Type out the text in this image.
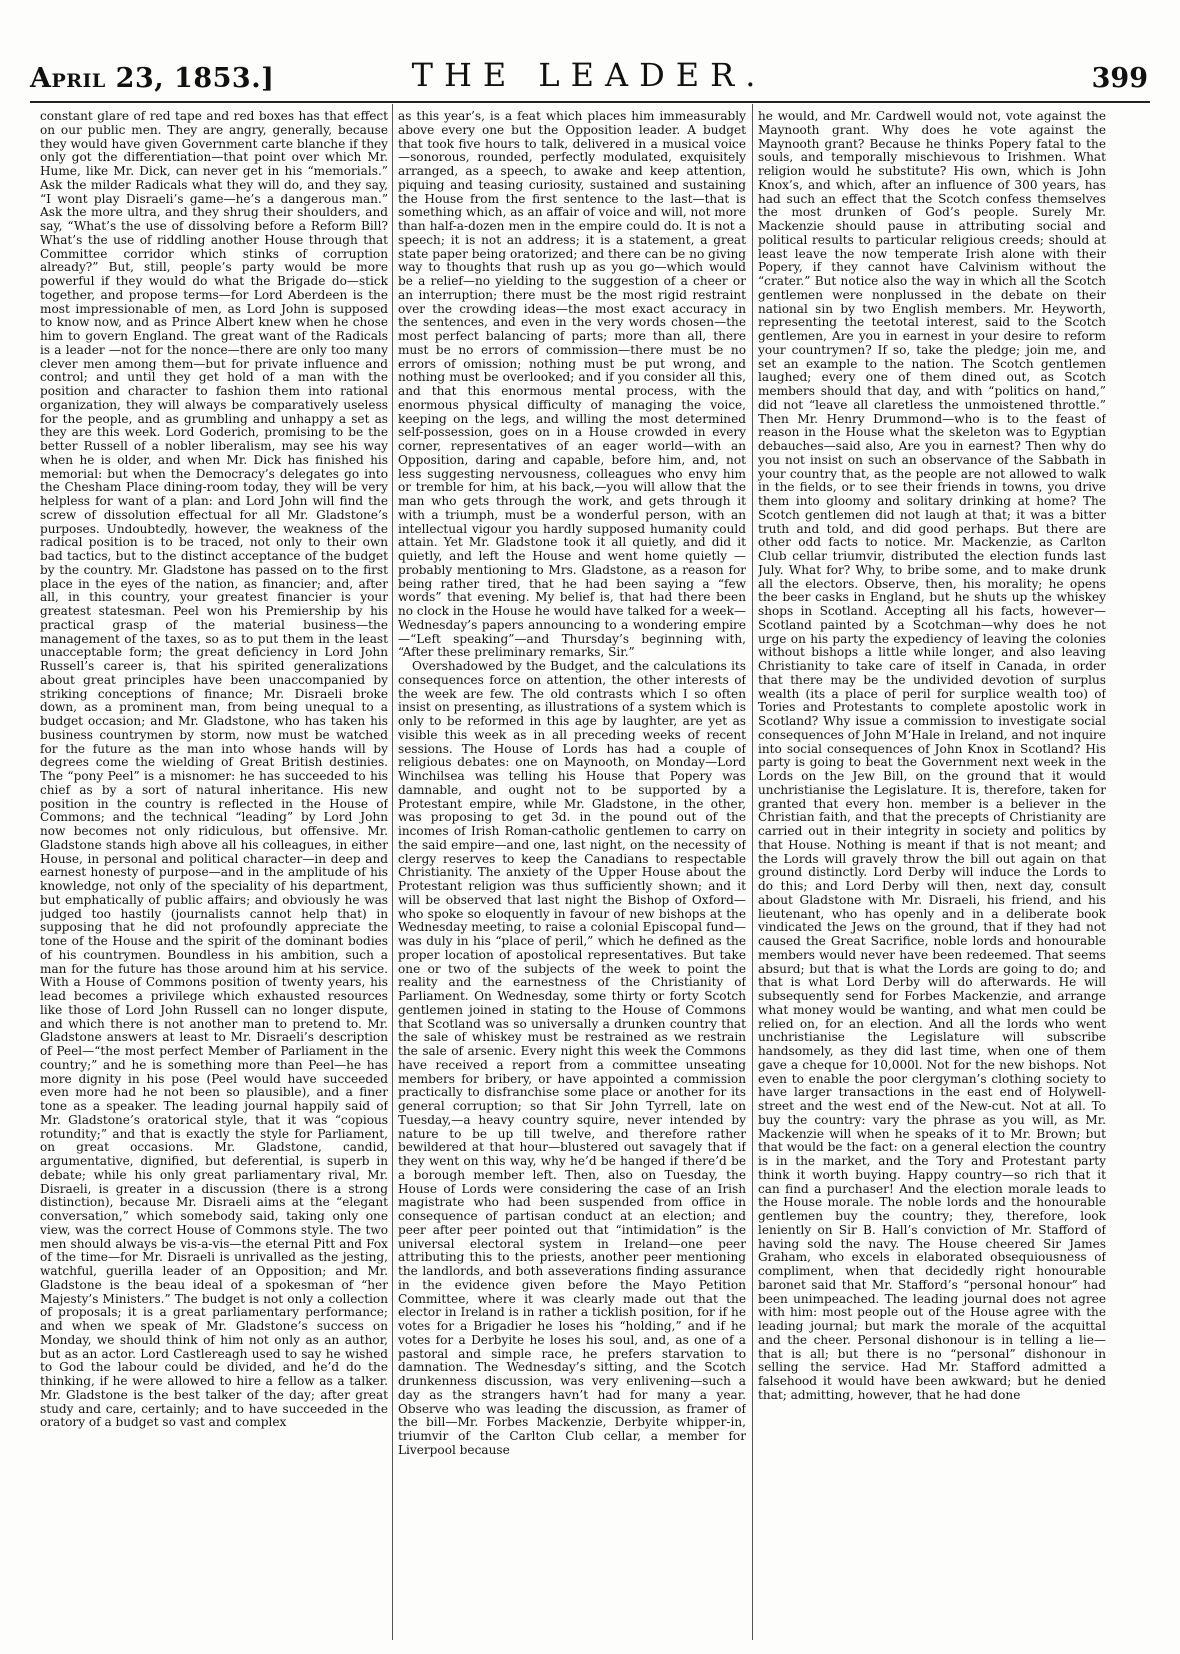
April 23, 1853.]	THE LEADER.	399

constant glare of red tape and red boxes has that effect on our public men. They are angry, generally, because they would have given Government carte blanche if they only got the differentiation—that point over which Mr. Hume, like Mr. Dick, can never get in his “memorials.” Ask the milder Radicals what they will do, and they say, “I wont play Disraeli’s game—he’s a dangerous man.” Ask the more ultra, and they shrug their shoulders, and say, “What’s the use of dissolving before a Reform Bill? What’s the use of riddling another House through that Committee corridor which stinks of corruption already?” But, still, people’s party would be more powerful if they would do what the Brigade do—stick together, and propose terms—for Lord Aberdeen is the most impressionable of men, as Lord John is supposed to know now, and as Prince Albert knew when he chose him to govern England. The great want of the Radicals is a leader —not for the nonce—there are only too many clever men among them—but for private influence and control; and until they get hold of a man with the position and character to fashion them into rational organization, they will always be comparatively useless for the people, and as grumbling and unhappy a set as they are this week. Lord Goderich, promising to be the better Russell of a nobler liberalism, may see his way when he is older, and when Mr. Dick has finished his memorial: but when the Democracy’s delegates go into the Chesham Place dining-room today, they will be very helpless for want of a plan: and Lord John will find the screw of dissolution effectual for all Mr. Gladstone’s purposes. Undoubtedly, however, the weakness of the radical position is to be traced, not only to their own bad tactics, but to the distinct acceptance of the budget by the country. Mr. Gladstone has passed on to the first place in the eyes of the nation, as financier; and, after all, in this country, your greatest financier is your greatest statesman. Peel won his Premiership by his practical grasp of the material business—the management of the taxes, so as to put them in the least unacceptable form; the great deficiency in Lord John Russell’s career is, that his spirited generalizations about great principles have been unaccompanied by striking conceptions of finance; Mr. Disraeli broke down, as a prominent man, from being unequal to a budget occasion; and Mr. Gladstone, who has taken his business countrymen by storm, now must be watched for the future as the man into whose hands will by degrees come the wielding of Great British destinies. The “pony Peel” is a misnomer: he has succeeded to his chief as by a sort of natural inheritance. His new position in the country is reflected in the House of Commons; and the technical “leading” by Lord John now becomes not only ridiculous, but offensive. Mr. Gladstone stands high above all his colleagues, in either House, in personal and political character—in deep and earnest honesty of purpose—and in the amplitude of his knowledge, not only of the speciality of his department, but emphatically of public affairs; and obviously he was judged too hastily (journalists cannot help that) in supposing that he did not profoundly appreciate the tone of the House and the spirit of the dominant bodies of his countrymen. Boundless in his ambition, such a man for the future has those around him at his service. With a House of Commons position of twenty years, his lead becomes a privilege which exhausted resources like those of Lord John Russell can no longer dispute, and which there is not another man to pretend to. Mr. Gladstone answers at least to Mr. Disraeli’s description of Peel—“the most perfect Member of Parliament in the country;” and he is something more than Peel—he has more dignity in his pose (Peel would have succeeded even more had he not been so plausible), and a finer tone as a speaker. The leading journal happily said of Mr. Gladstone’s oratorical style, that it was “copious rotundity;” and that is exactly the style for Parliament, on great occasions. Mr. Gladstone, candid, argumentative, dignified, but deferential, is superb in debate; while his only great parliamentary rival, Mr. Disraeli, is greater in a discussion (there is a strong distinction), because Mr. Disraeli aims at the “elegant conversation,” which somebody said, taking only one view, was the correct House of Commons style. The two men should always be vis-a-vis—the eternal Pitt and Fox of the time—for Mr. Disraeli is unrivalled as the jesting, watchful, guerilla leader of an Opposition; and Mr. Gladstone is the beau ideal of a spokesman of “her Majesty’s Ministers.” The budget is not only a collection of proposals; it is a great parliamentary performance; and when we speak of Mr. Gladstone’s success on Monday, we should think of him not only as an author, but as an actor. Lord Castlereagh used to say he wished to God the labour could be divided, and he’d do the thinking, if he were allowed to hire a fellow as a talker. Mr. Gladstone is the best talker of the day; after great study and care, certainly; and to have succeeded in the oratory of a budget so vast and complex

as this year’s, is a feat which places him immeasurably above every one but the Opposition leader. A budget that took five hours to talk, delivered in a musical voice—sonorous, rounded, perfectly modulated, exquisitely arranged, as a speech, to awake and keep attention, piquing and teasing curiosity, sustained and sustaining the House from the first sentence to the last—that is something which, as an affair of voice and will, not more than half-a-dozen men in the empire could do. It is not a speech; it is not an address; it is a statement, a great state paper being oratorized; and there can be no giving way to thoughts that rush up as you go—which would be a relief—no yielding to the suggestion of a cheer or an interruption; there must be the most rigid restraint over the crowding ideas—the most exact accuracy in the sentences, and even in the very words chosen—the most perfect balancing of parts; more than all, there must be no errors of commission—there must be no errors of omission; nothing must be put wrong, and nothing must be overlooked; and if you consider all this, and that this enormous mental process, with the enormous physical difficulty of managing the voice, keeping on the legs, and willing the most determined self-possession, goes on in a House crowded in every corner, representatives of an eager world—with an Opposition, daring and capable, before him, and, not less suggesting nervousness, colleagues who envy him or tremble for him, at his back,—you will allow that the man who gets through the work, and gets through it with a triumph, must be a wonderful person, with an intellectual vigour you hardly supposed humanity could attain. Yet Mr. Gladstone took it all quietly, and did it quietly, and left the House and went home quietly —probably mentioning to Mrs. Gladstone, as a reason for being rather tired, that he had been saying a “few words” that evening. My belief is, that had there been no clock in the House he would have talked for a week—Wednesday’s papers announcing to a wondering empire—“Left speaking”—and Thursday’s beginning with, “After these preliminary remarks, Sir.”

Overshadowed by the Budget, and the calculations its consequences force on attention, the other interests of the week are few. The old contrasts which I so often insist on presenting, as illustrations of a system which is only to be reformed in this age by laughter, are yet as visible this week as in all preceding weeks of recent sessions. The House of Lords has had a couple of religious debates: one on Maynooth, on Monday—Lord Winchilsea was telling his House that Popery was damnable, and ought not to be supported by a Protestant empire, while Mr. Gladstone, in the other, was proposing to get 3d. in the pound out of the incomes of Irish Roman-catholic gentlemen to carry on the said empire—and one, last night, on the necessity of clergy reserves to keep the Canadians to respectable Christianity. The anxiety of the Upper House about the Protestant religion was thus sufficiently shown; and it will be observed that last night the Bishop of Oxford—who spoke so eloquently in favour of new bishops at the Wednesday meeting, to raise a colonial Episcopal fund—was duly in his “place of peril,” which he defined as the proper location of apostolical representatives. But take one or two of the subjects of the week to point the reality and the earnestness of the Christianity of Parliament. On Wednesday, some thirty or forty Scotch gentlemen joined in stating to the House of Commons that Scotland was so universally a drunken country that the sale of whiskey must be restrained as we restrain the sale of arsenic. Every night this week the Commons have received a report from a committee unseating members for bribery, or have appointed a commission practically to disfranchise some place or another for its general corruption; so that Sir John Tyrrell, late on Tuesday,—a heavy country squire, never intended by nature to be up till twelve, and therefore rather bewildered at that hour—blustered out savagely that if they went on this way, why he’d be hanged if there’d be a borough member left. Then, also on Tuesday, the House of Lords were considering the case of an Irish magistrate who had been suspended from office in consequence of partisan conduct at an election; and peer after peer pointed out that “intimidation” is the universal electoral system in Ireland—one peer attributing this to the priests, another peer mentioning the landlords, and both asseverations finding assurance in the evidence given before the Mayo Petition Committee, where it was clearly made out that the elector in Ireland is in rather a ticklish position, for if he votes for a Brigadier he loses his “holding,” and if he votes for a Derbyite he loses his soul, and, as one of a pastoral and simple race, he prefers starvation to damnation. The Wednesday’s sitting, and the Scotch drunkenness discussion, was very enlivening—such a day as the strangers havn’t had for many a year. Observe who was leading the discussion, as framer of the bill—Mr. Forbes Mackenzie, Derbyite whipper-in, triumvir of the Carlton Club cellar, a member for Liverpool because

he would, and Mr. Cardwell would not, vote against the Maynooth grant. Why does he vote against the Maynooth grant? Because he thinks Popery fatal to the souls, and temporally mischievous to Irishmen. What religion would he substitute? His own, which is John Knox’s, and which, after an influence of 300 years, has had such an effect that the Scotch confess themselves the most drunken of God’s people. Surely Mr. Mackenzie should pause in attributing social and political results to particular religious creeds; should at least leave the now temperate Irish alone with their Popery, if they cannot have Calvinism without the “crater.” But notice also the way in which all the Scotch gentlemen were nonplussed in the debate on their national sin by two English members. Mr. Heyworth, representing the teetotal interest, said to the Scotch gentlemen, Are you in earnest in your desire to reform your countrymen? If so, take the pledge; join me, and set an example to the nation. The Scotch gentlemen laughed; every one of them dined out, as Scotch members should that day, and with “politics on hand,” did not “leave all claretless the unmoistened throttle.” Then Mr. Henry Drummond—who is to the feast of reason in the House what the skeleton was to Egyptian debauches—said also, Are you in earnest? Then why do you not insist on such an observance of the Sabbath in your country that, as the people are not allowed to walk in the fields, or to see their friends in towns, you drive them into gloomy and solitary drinking at home? The Scotch gentlemen did not laugh at that; it was a bitter truth and told, and did good perhaps. But there are other odd facts to notice. Mr. Mackenzie, as Carlton Club cellar triumvir, distributed the election funds last July. What for? Why, to bribe some, and to make drunk all the electors. Observe, then, his morality; he opens the beer casks in England, but he shuts up the whiskey shops in Scotland. Accepting all his facts, however—Scotland painted by a Scotchman—why does he not urge on his party the expediency of leaving the colonies without bishops a little while longer, and also leaving Christianity to take care of itself in Canada, in order that there may be the undivided devotion of surplus wealth (its a place of peril for surplice wealth too) of Tories and Protestants to complete apostolic work in Scotland? Why issue a commission to investigate social consequences of John M‘Hale in Ireland, and not inquire into social consequences of John Knox in Scotland? His party is going to beat the Government next week in the Lords on the Jew Bill, on the ground that it would unchristianise the Legislature. It is, therefore, taken for granted that every hon. member is a believer in the Christian faith, and that the precepts of Christianity are carried out in their integrity in society and politics by that House. Nothing is meant if that is not meant; and the Lords will gravely throw the bill out again on that ground distinctly. Lord Derby will induce the Lords to do this; and Lord Derby will then, next day, consult about Gladstone with Mr. Disraeli, his friend, and his lieutenant, who has openly and in a deliberate book vindicated the Jews on the ground, that if they had not caused the Great Sacrifice, noble lords and honourable members would never have been redeemed. That seems absurd; but that is what the Lords are going to do; and that is what Lord Derby will do afterwards. He will subsequently send for Forbes Mackenzie, and arrange what money would be wanting, and what men could be relied on, for an election. And all the lords who went unchristianise the Legislature will subscribe handsomely, as they did last time, when one of them gave a cheque for 10,000l. Not for the new bishops. Not even to enable the poor clergyman’s clothing society to have larger transactions in the east end of Holywell-street and the west end of the New-cut. Not at all. To buy the country: vary the phrase as you will, as Mr. Mackenzie will when he speaks of it to Mr. Brown; but that would be the fact: on a general election the country is in the market, and the Tory and Protestant party think it worth buying. Happy country—so rich that it can find a purchaser! And the election morale leads to the House morale. The noble lords and the honourable gentlemen buy the country; they, therefore, look leniently on Sir B. Hall’s conviction of Mr. Stafford of having sold the navy. The House cheered Sir James Graham, who excels in elaborated obsequiousness of compliment, when that decidedly right honourable baronet said that Mr. Stafford’s “personal honour” had been unimpeached. The leading journal does not agree with him: most people out of the House agree with the leading journal; but mark the morale of the acquittal and the cheer. Personal dishonour is in telling a lie—that is all; but there is no “personal” dishonour in selling the service. Had Mr. Stafford admitted a falsehood it would have been awkward; but he denied that; admitting, however, that he had done
